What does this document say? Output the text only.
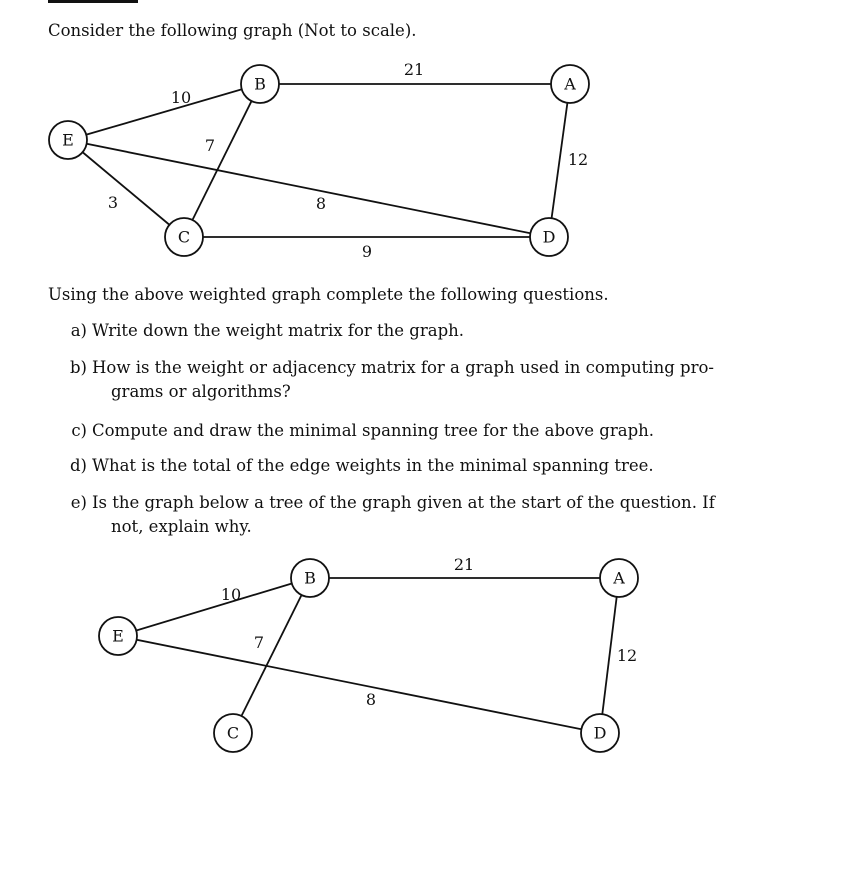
Consider the following graph (Not to scale).
10
21
12
7
3	8
9
B	A
E
C	D
Using the above weighted graph complete the following questions.
a) Write down the weight matrix for the graph.
b) How is the weight or adjacency matrix for a graph used in computing pro-
grams or algorithms?
c) Compute and draw the minimal spanning tree for the above graph.
d) What is the total of the edge weights in the minimal spanning tree.
e) Is the graph below a tree of the graph given at the start of the question. If
not, explain why.
10
21
12
7
8
B	A
E
C	D
